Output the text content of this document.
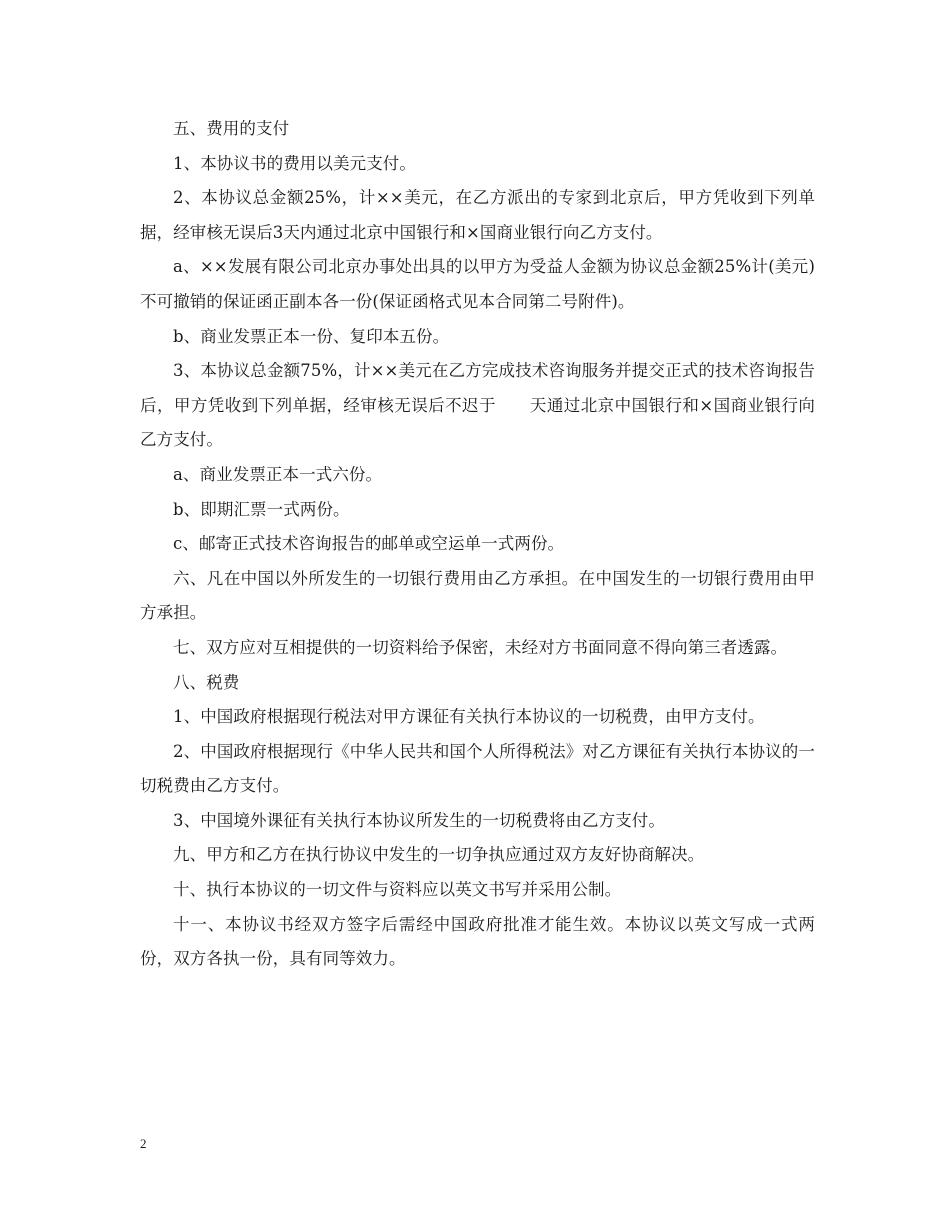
五、费用的支付

1、本协议书的费用以美元支付。

2、本协议总金额25%，计××美元，在乙方派出的专家到北京后，甲方凭收到下列单据，经审核无误后3天内通过北京中国银行和×国商业银行向乙方支付。

a、××发展有限公司北京办事处出具的以甲方为受益人金额为协议总金额25%计(美元)不可撤销的保证函正副本各一份(保证函格式见本合同第二号附件)。

b、商业发票正本一份、复印本五份。

3、本协议总金额75%，计××美元在乙方完成技术咨询服务并提交正式的技术咨询报告后，甲方凭收到下列单据，经审核无误后不迟于　　天通过北京中国银行和×国商业银行向乙方支付。

a、商业发票正本一式六份。

b、即期汇票一式两份。

c、邮寄正式技术咨询报告的邮单或空运单一式两份。

六、凡在中国以外所发生的一切银行费用由乙方承担。在中国发生的一切银行费用由甲方承担。

七、双方应对互相提供的一切资料给予保密，未经对方书面同意不得向第三者透露。

八、税费

1、中国政府根据现行税法对甲方课征有关执行本协议的一切税费，由甲方支付。

2、中国政府根据现行《中华人民共和国个人所得税法》对乙方课征有关执行本协议的一切税费由乙方支付。

3、中国境外课征有关执行本协议所发生的一切税费将由乙方支付。

九、甲方和乙方在执行协议中发生的一切争执应通过双方友好协商解决。

十、执行本协议的一切文件与资料应以英文书写并采用公制。

十一、本协议书经双方签字后需经中国政府批准才能生效。本协议以英文写成一式两份，双方各执一份，具有同等效力。

2
